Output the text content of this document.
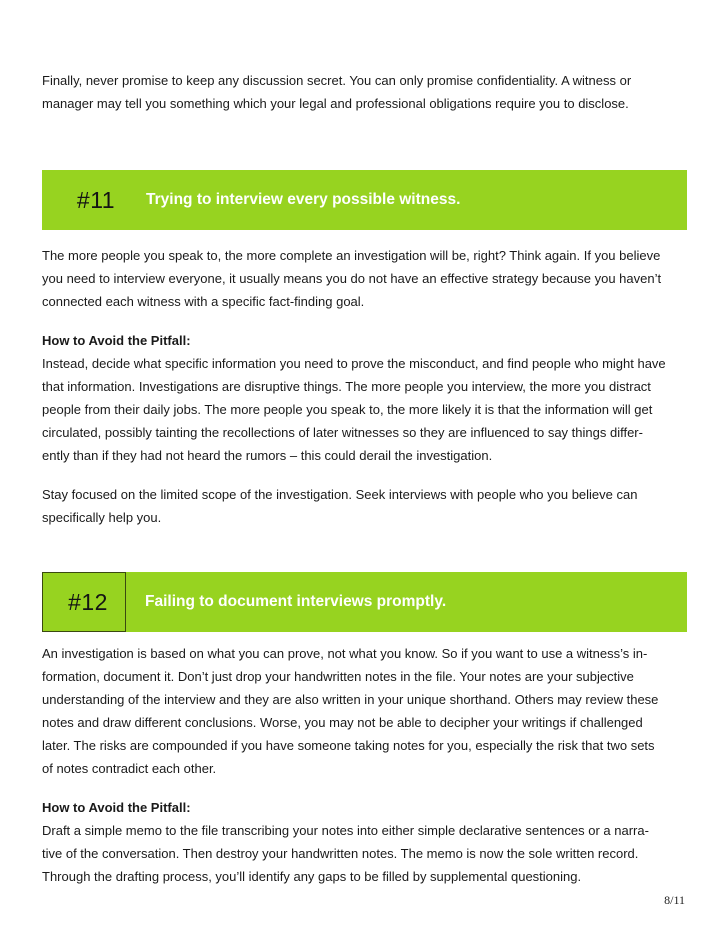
Finally, never promise to keep any discussion secret. You can only promise confidentiality. A witness or

manager may tell you something which your legal and professional obligations require you to disclose.

#11 Trying to interview every possible witness.

The more people you speak to, the more complete an investigation will be, right? Think again. If you believe

you need to interview everyone, it usually means you do not have an effective strategy because you haven’t

connected each witness with a specific fact-finding goal.

How to Avoid the Pitfall:

Instead, decide what specific information you need to prove the misconduct, and find people who might have

that information. Investigations are disruptive things. The more people you interview, the more you distract

people from their daily jobs. The more people you speak to, the more likely it is that the information will get

circulated, possibly tainting the recollections of later witnesses so they are influenced to say things differ-

ently than if they had not heard the rumors – this could derail the investigation.

Stay focused on the limited scope of the investigation. Seek interviews with people who you believe can

specifically help you.

#12 Failing to document interviews promptly.

An investigation is based on what you can prove, not what you know. So if you want to use a witness’s in-

formation, document it. Don’t just drop your handwritten notes in the file. Your notes are your subjective

understanding of the interview and they are also written in your unique shorthand. Others may review these

notes and draw different conclusions. Worse, you may not be able to decipher your writings if challenged

later. The risks are compounded if you have someone taking notes for you, especially the risk that two sets

of notes contradict each other.

How to Avoid the Pitfall:

Draft a simple memo to the file transcribing your notes into either simple declarative sentences or a narra-

tive of the conversation. Then destroy your handwritten notes. The memo is now the sole written record.

Through the drafting process, you’ll identify any gaps to be filled by supplemental questioning.

8/11
